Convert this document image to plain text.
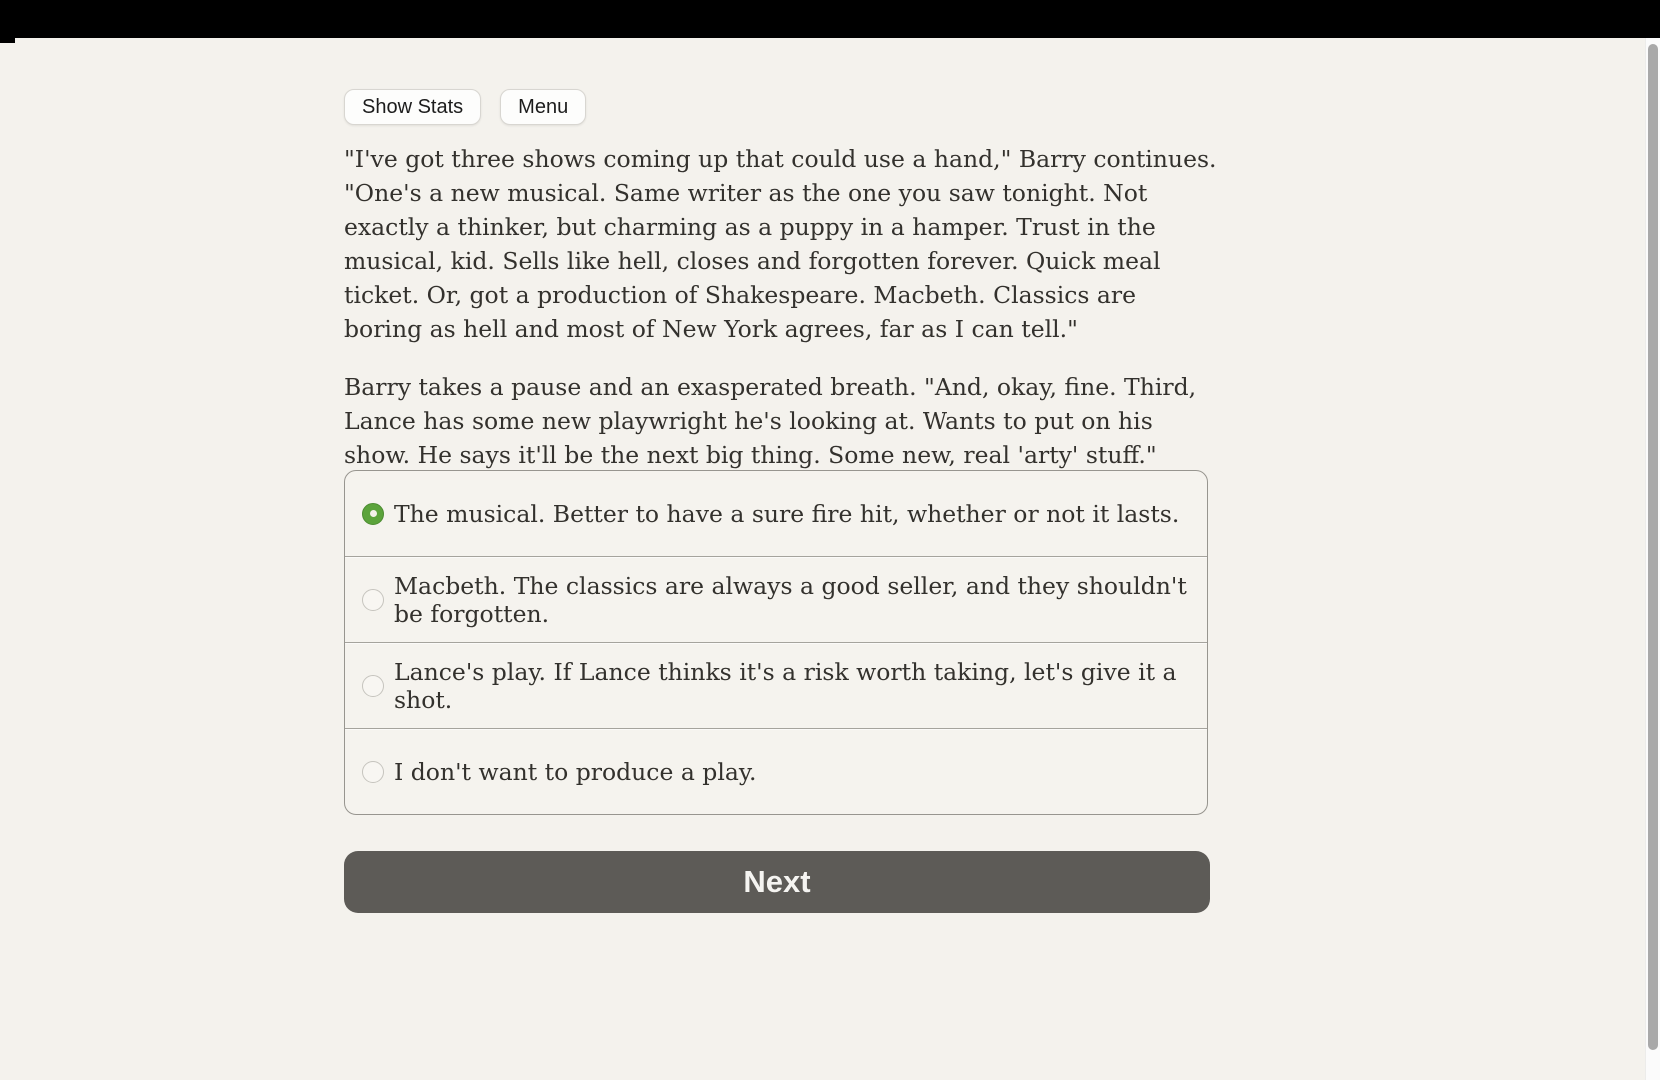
Show Stats	Menu

"I've got three shows coming up that could use a hand," Barry continues. "One's a new musical. Same writer as the one you saw tonight. Not exactly a thinker, but charming as a puppy in a hamper. Trust in the musical, kid. Sells like hell, closes and forgotten forever. Quick meal ticket. Or, got a production of Shakespeare. Macbeth. Classics are boring as hell and most of New York agrees, far as I can tell."

Barry takes a pause and an exasperated breath. "And, okay, fine. Third, Lance has some new playwright he's looking at. Wants to put on his show. He says it'll be the next big thing. Some new, real 'arty' stuff."

The musical. Better to have a sure fire hit, whether or not it lasts.
Macbeth. The classics are always a good seller, and they shouldn't be forgotten.
Lance's play. If Lance thinks it's a risk worth taking, let's give it a shot.
I don't want to produce a play.
Next
